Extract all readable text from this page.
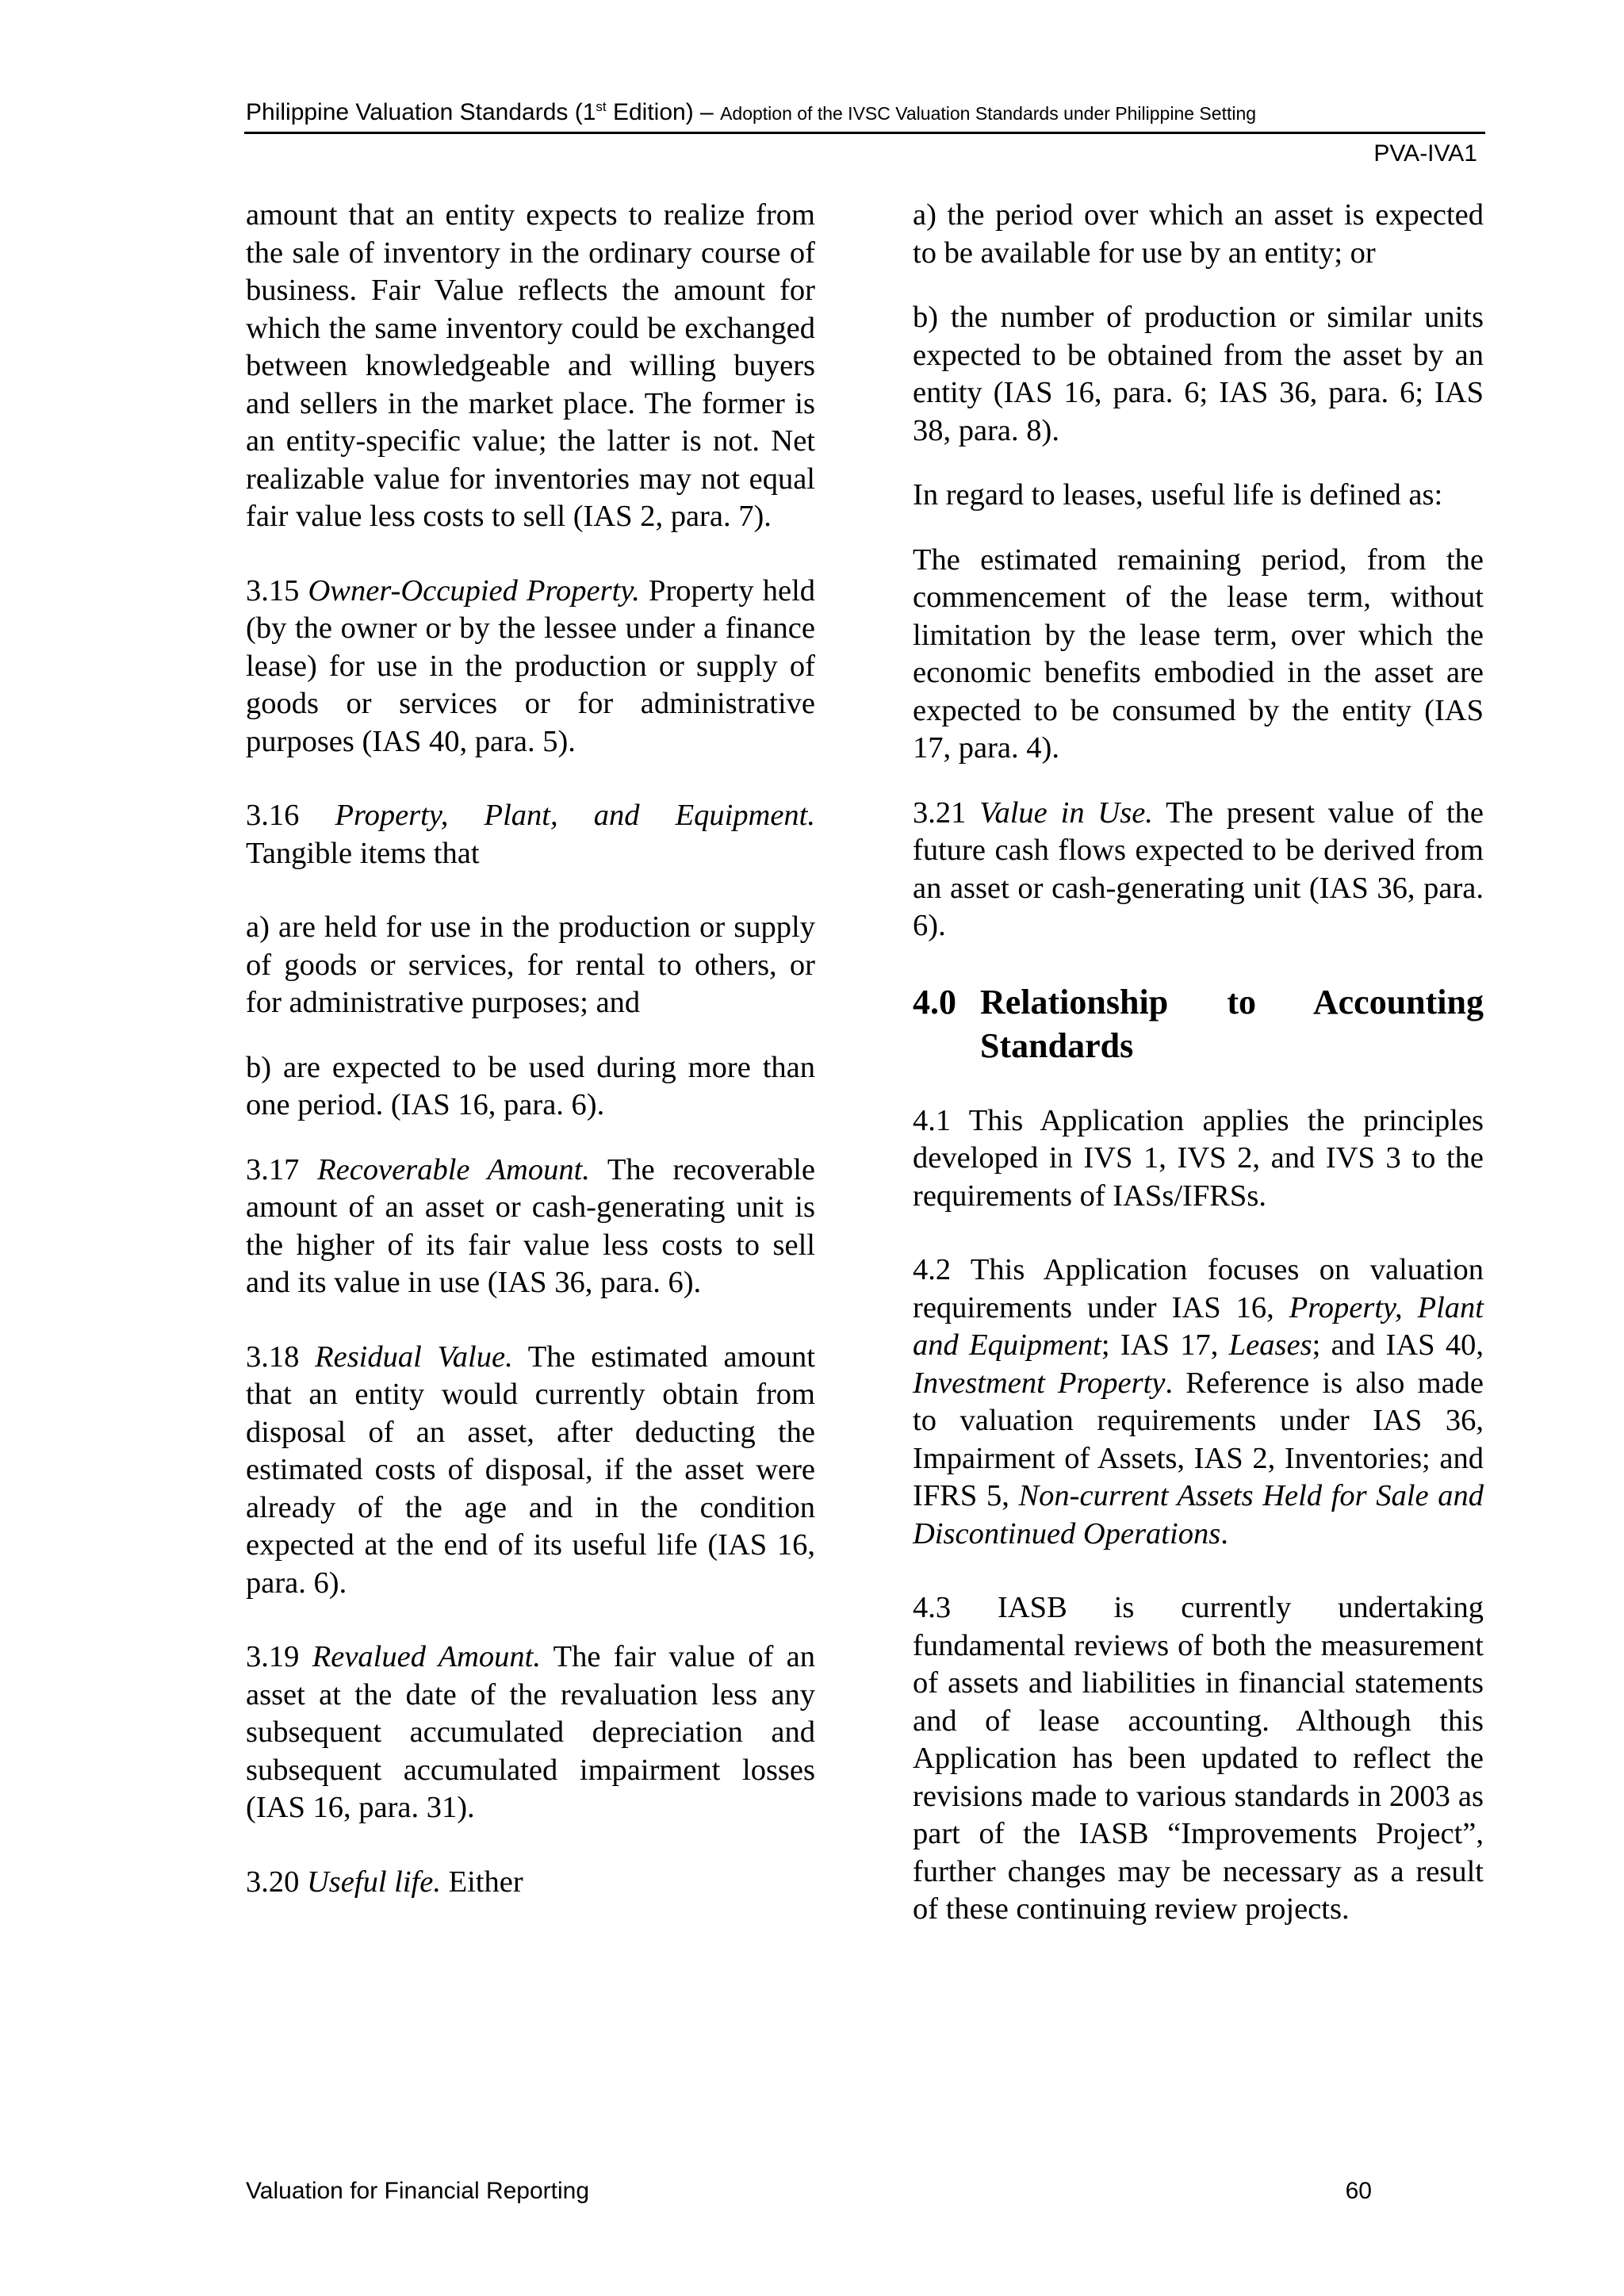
Philippine Valuation Standards (1st Edition) – Adoption of the IVSC Valuation Standards under Philippine Setting
PVA-IVA1

amount that an entity expects to realize from the sale of inventory in the ordinary course of business. Fair Value reflects the amount for which the same inventory could be exchanged between knowledgeable and willing buyers and sellers in the market place. The former is an entity-specific value; the latter is not. Net realizable value for inventories may not equal fair value less costs to sell (IAS 2, para. 7).

3.15 Owner-Occupied Property. Property held (by the owner or by the lessee under a finance lease) for use in the production or supply of goods or services or for administrative purposes (IAS 40, para. 5).

3.16 Property, Plant, and Equipment. Tangible items that

a) are held for use in the production or supply of goods or services, for rental to others, or for administrative purposes; and

b) are expected to be used during more than one period. (IAS 16, para. 6).

3.17 Recoverable Amount. The recoverable amount of an asset or cash-generating unit is the higher of its fair value less costs to sell and its value in use (IAS 36, para. 6).

3.18 Residual Value. The estimated amount that an entity would currently obtain from disposal of an asset, after deducting the estimated costs of disposal, if the asset were already of the age and in the condition expected at the end of its useful life (IAS 16, para. 6).

3.19 Revalued Amount. The fair value of an asset at the date of the revaluation less any subsequent accumulated depreciation and subsequent accumulated impairment losses (IAS 16, para. 31).

3.20 Useful life. Either

a) the period over which an asset is expected to be available for use by an entity; or

b) the number of production or similar units expected to be obtained from the asset by an entity (IAS 16, para. 6; IAS 36, para. 6; IAS 38, para. 8).

In regard to leases, useful life is defined as:

The estimated remaining period, from the commencement of the lease term, without limitation by the lease term, over which the economic benefits embodied in the asset are expected to be consumed by the entity (IAS 17, para. 4).

3.21 Value in Use. The present value of the future cash flows expected to be derived from an asset or cash-generating unit (IAS 36, para. 6).

4.0 Relationship to Accounting
Standards

4.1 This Application applies the principles developed in IVS 1, IVS 2, and IVS 3 to the requirements of IASs/IFRSs.

4.2 This Application focuses on valuation requirements under IAS 16, Property, Plant and Equipment; IAS 17, Leases; and IAS 40, Investment Property. Reference is also made to valuation requirements under IAS 36, Impairment of Assets, IAS 2, Inventories; and IFRS 5, Non-current Assets Held for Sale and Discontinued Operations.

4.3 IASB is currently undertaking fundamental reviews of both the measurement of assets and liabilities in financial statements and of lease accounting. Although this Application has been updated to reflect the revisions made to various standards in 2003 as part of the IASB “Improvements Project”, further changes may be necessary as a result of these continuing review projects.

Valuation for Financial Reporting	60
